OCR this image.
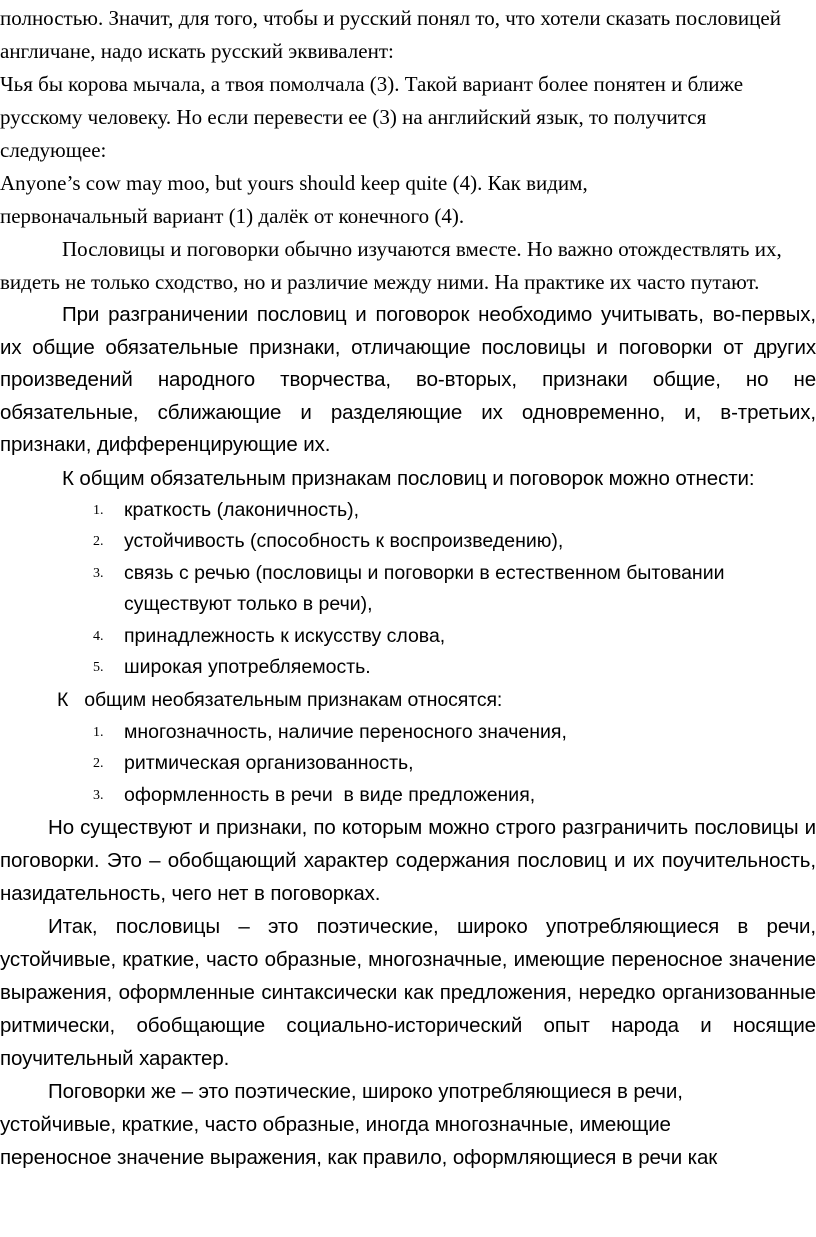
полностью. Значит, для того, чтобы и русский понял то, что хотели сказать пословицей англичане, надо искать русский эквивалент:

Чья бы корова мычала, а твоя помолчала (3). Такой вариант более понятен и ближе русскому человеку. Но если перевести ее (3) на английский язык, то получится следующее:

Anyone’s cow may moo, but yours should keep quite (4). Как видим, первоначальный вариант (1) далёк от конечного (4).

Пословицы и поговорки обычно изучаются вместе. Но важно отождествлять их, видеть не только сходство, но и различие между ними. На практике их часто путают.

При разграничении пословиц и поговорок необходимо учитывать, во-первых, их общие обязательные признаки, отличающие пословицы и поговорки от других произведений народного творчества, во-вторых, признаки общие, но не обязательные, сближающие и разделяющие их одновременно, и, в-третьих, признаки, дифференцирующие их.

К общим обязательным признакам пословиц и поговорок можно отнести:

1. краткость (лаконичность),
2. устойчивость (способность к воспроизведению),
3. связь с речью (пословицы и поговорки в естественном бытовании существуют только в речи),
4. принадлежность к искусству слова,
5. широкая употребляемость.

К   общим необязательным признакам относятся:

1. многозначность, наличие переносного значения,
2. ритмическая организованность,
3. оформленность в речи  в виде предложения,

Но существуют и признаки, по которым можно строго разграничить пословицы и поговорки. Это – обобщающий характер содержания пословиц и их поучительность, назидательность, чего нет в поговорках.

Итак, пословицы – это поэтические, широко употребляющиеся в речи, устойчивые, краткие, часто образные, многозначные, имеющие переносное значение выражения, оформленные синтаксически как предложения, нередко организованные ритмически, обобщающие социально-исторический опыт народа и носящие поучительный характер.

Поговорки же – это поэтические, широко употребляющиеся в речи, устойчивые, краткие, часто образные, иногда многозначные, имеющие переносное значение выражения, как правило, оформляющиеся в речи как
